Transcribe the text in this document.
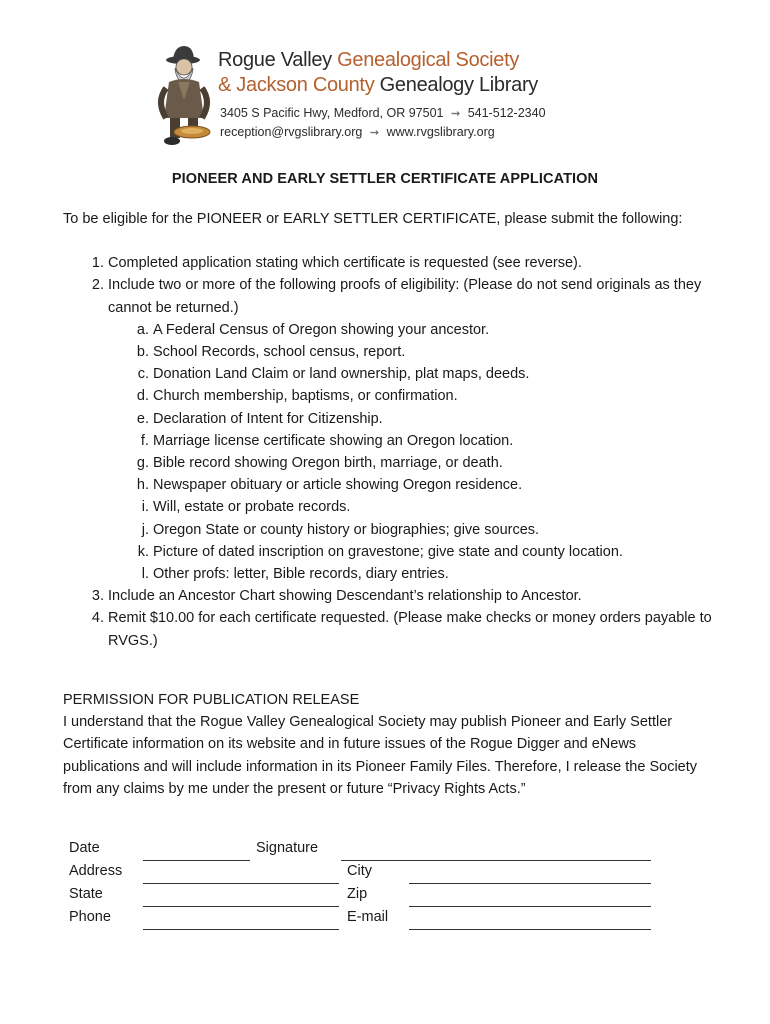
Rogue Valley Genealogical Society
& Jackson County Genealogy Library
3405 S Pacific Hwy, Medford, OR 97501 ⇝ 541-512-2340
reception@rvgslibrary.org ⇝ www.rvgslibrary.org
PIONEER AND EARLY SETTLER CERTIFICATE APPLICATION

To be eligible for the PIONEER or EARLY SETTLER CERTIFICATE, please submit the following:

1. Completed application stating which certificate is requested (see reverse).
2. Include two or more of the following proofs of eligibility: (Please do not send originals as they cannot be returned.)
a. A Federal Census of Oregon showing your ancestor.
b. School Records, school census, report.
c. Donation Land Claim or land ownership, plat maps, deeds.
d. Church membership, baptisms, or confirmation.
e. Declaration of Intent for Citizenship.
f. Marriage license certificate showing an Oregon location.
g. Bible record showing Oregon birth, marriage, or death.
h. Newspaper obituary or article showing Oregon residence.
i. Will, estate or probate records.
j. Oregon State or county history or biographies; give sources.
k. Picture of dated inscription on gravestone; give state and county location.
l. Other profs: letter, Bible records, diary entries.
3. Include an Ancestor Chart showing Descendant’s relationship to Ancestor.
4. Remit $10.00 for each certificate requested. (Please make checks or money orders payable to RVGS.)

PERMISSION FOR PUBLICATION RELEASE

I understand that the Rogue Valley Genealogical Society may publish Pioneer and Early Settler Certificate information on its website and in future issues of the Rogue Digger and eNews publications and will include information in its Pioneer Family Files. Therefore, I release the Society from any claims by me under the present or future “Privacy Rights Acts.”

Date	Signature
Address	City
State	Zip
Phone	E-mail
